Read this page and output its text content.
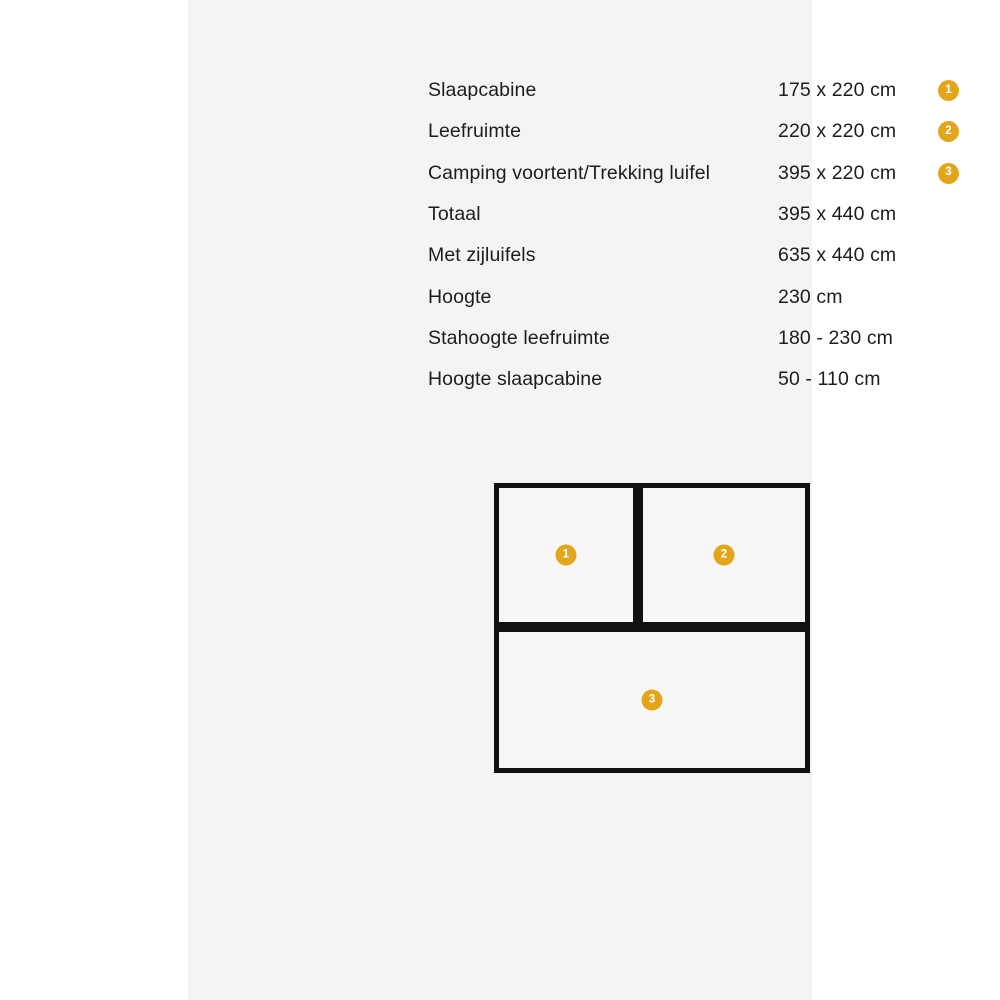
Slaapcabine	175 x 220 cm	1
Leefruimte	220 x 220 cm	2
Camping voortent/Trekking luifel	395 x 220 cm	3
Totaal	395 x 440 cm
Met zijluifels	635 x 440 cm
Hoogte	230 cm
Stahoogte leefruimte	180 - 230 cm
Hoogte slaapcabine	50 - 110 cm
1	2
3
